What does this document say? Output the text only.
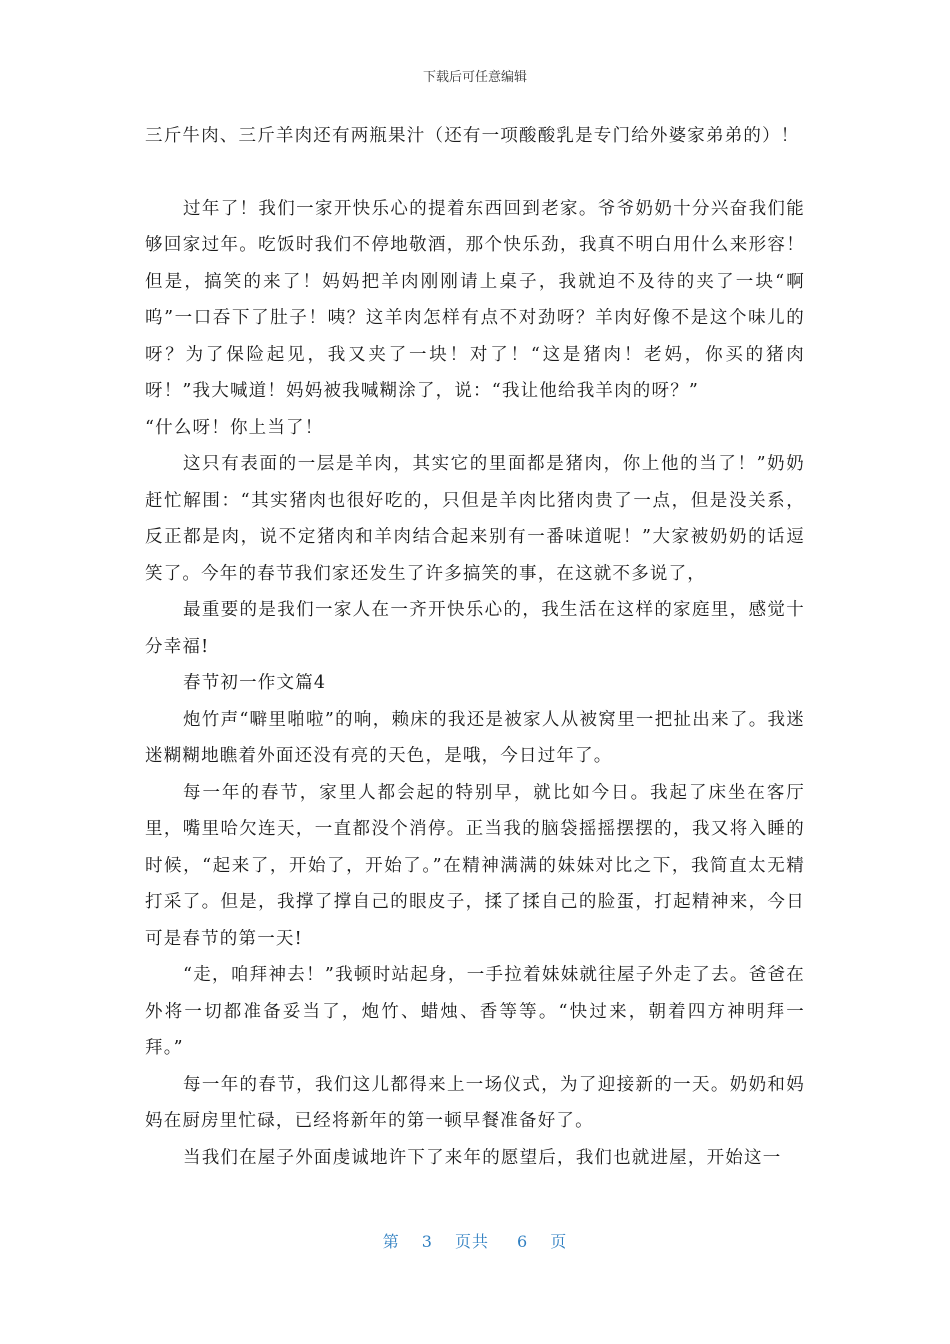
下载后可任意编辑

三斤牛肉、三斤羊肉还有两瓶果汁（还有一项酸酸乳是专门给外婆家弟弟的）！

过年了！我们一家开快乐心的提着东西回到老家。爷爷奶奶十分兴奋我们能够回家过年。吃饭时我们不停地敬酒，那个快乐劲，我真不明白用什么来形容！但是，搞笑的来了！妈妈把羊肉刚刚请上桌子，我就迫不及待的夹了一块“啊呜”一口吞下了肚子！咦？这羊肉怎样有点不对劲呀？羊肉好像不是这个味儿的呀？为了保险起见，我又夹了一块！对了！“这是猪肉！老妈，你买的猪肉呀！”我大喊道！妈妈被我喊糊涂了，说：“我让他给我羊肉的呀？”

“什么呀！你上当了！

这只有表面的一层是羊肉，其实它的里面都是猪肉，你上他的当了！”奶奶赶忙解围：“其实猪肉也很好吃的，只但是羊肉比猪肉贵了一点，但是没关系，反正都是肉，说不定猪肉和羊肉结合起来别有一番味道呢！”大家被奶奶的话逗笑了。今年的春节我们家还发生了许多搞笑的事，在这就不多说了，

最重要的是我们一家人在一齐开快乐心的，我生活在这样的家庭里，感觉十分幸福!

春节初一作文篇4

炮竹声“噼里啪啦”的响，赖床的我还是被家人从被窝里一把扯出来了。我迷迷糊糊地瞧着外面还没有亮的天色，是哦，今日过年了。

每一年的春节，家里人都会起的特别早，就比如今日。我起了床坐在客厅里，嘴里哈欠连天，一直都没个消停。正当我的脑袋摇摇摆摆的，我又将入睡的时候，“起来了，开始了，开始了。”在精神满满的妹妹对比之下，我简直太无精打采了。但是，我撑了撑自己的眼皮子，揉了揉自己的脸蛋，打起精神来，今日可是春节的第一天!

“走，咱拜神去！”我顿时站起身，一手拉着妹妹就往屋子外走了去。爸爸在外将一切都准备妥当了，炮竹、蜡烛、香等等。“快过来，朝着四方神明拜一拜。”

每一年的春节，我们这儿都得来上一场仪式，为了迎接新的一天。奶奶和妈妈在厨房里忙碌，已经将新年的第一顿早餐准备好了。

当我们在屋子外面虔诚地许下了来年的愿望后，我们也就进屋，开始这一

第 3 页共 6 页
